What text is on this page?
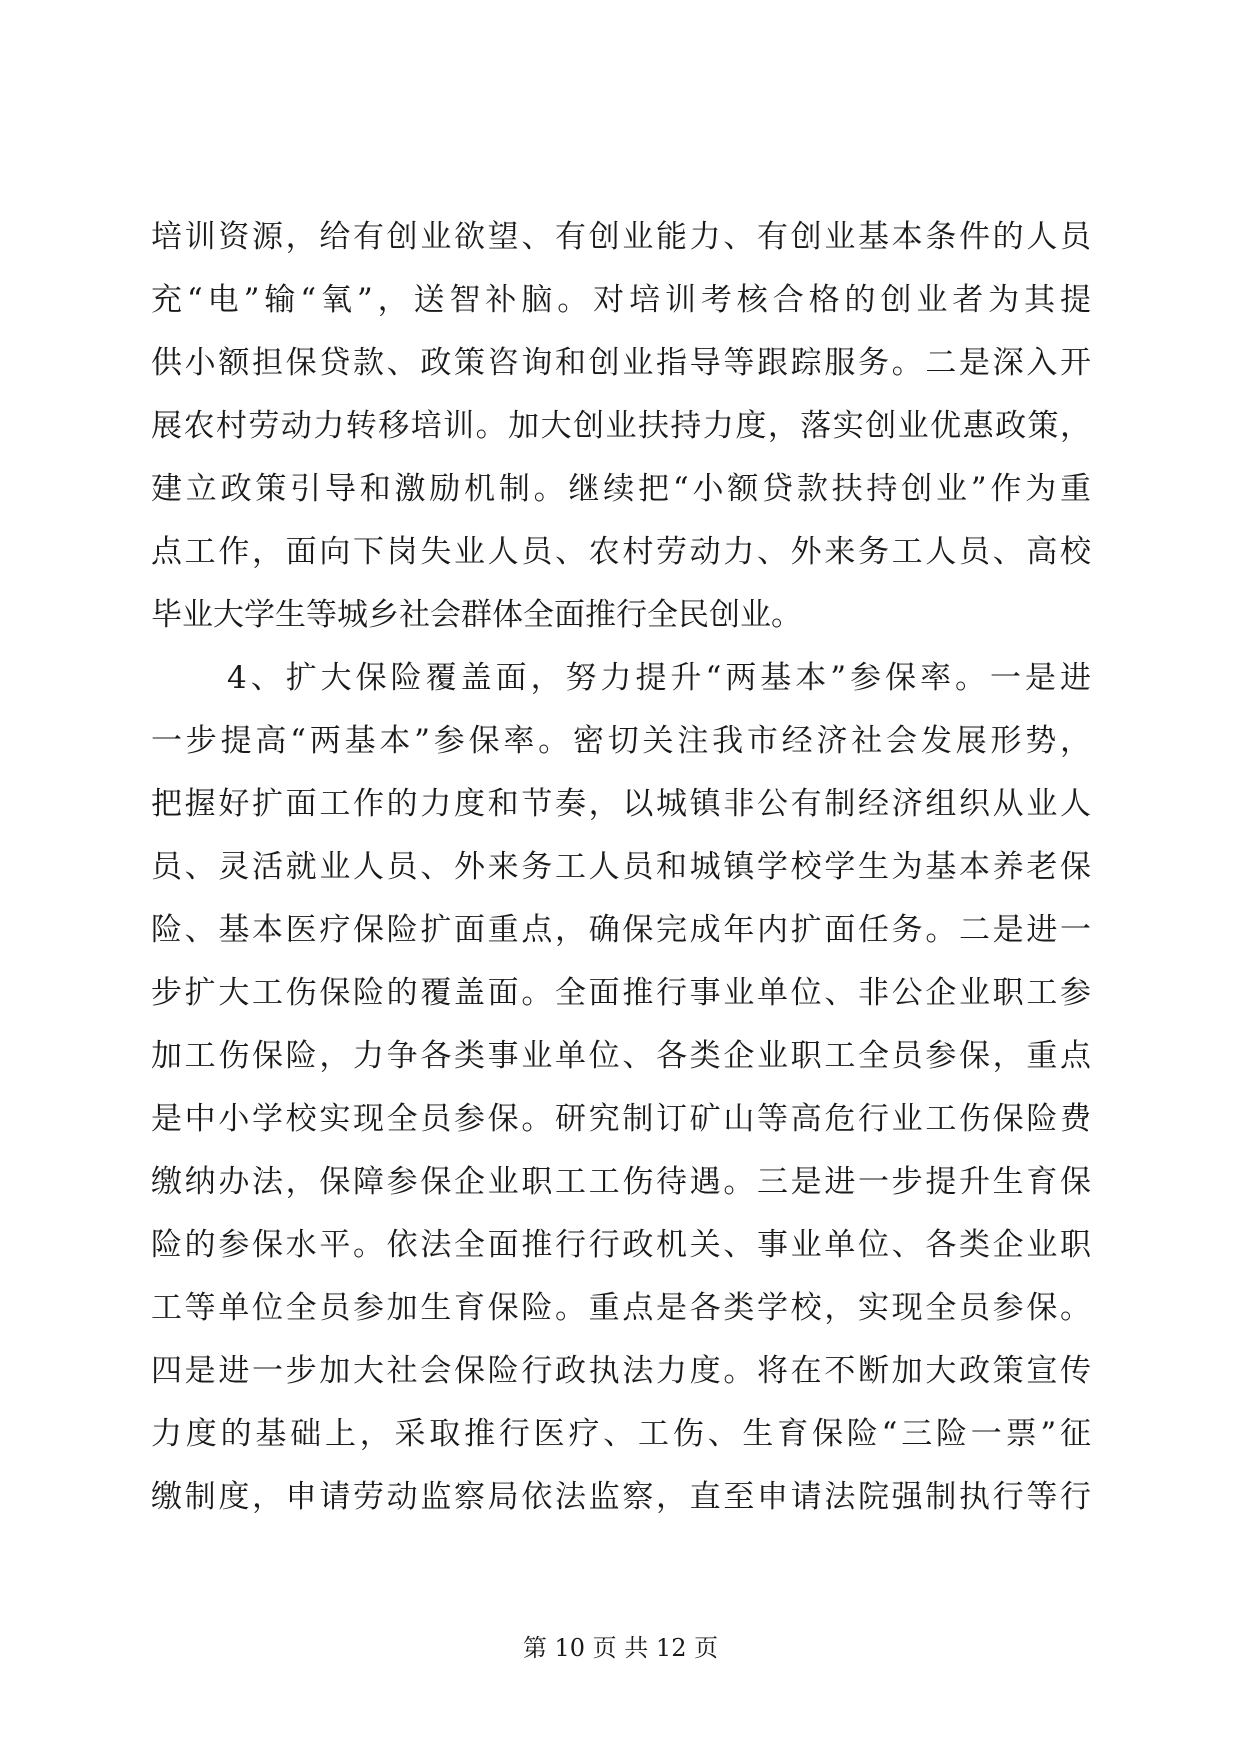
培训资源，给有创业欲望、有创业能力、有创业基本条件的人员
充“电”输“氧”，送智补脑。对培训考核合格的创业者为其提
供小额担保贷款、政策咨询和创业指导等跟踪服务。二是深入开
展农村劳动力转移培训。加大创业扶持力度，落实创业优惠政策，
建立政策引导和激励机制。继续把“小额贷款扶持创业”作为重
点工作，面向下岗失业人员、农村劳动力、外来务工人员、高校
毕业大学生等城乡社会群体全面推行全民创业。
4、扩大保险覆盖面，努力提升“两基本”参保率。一是进
一步提高“两基本”参保率。密切关注我市经济社会发展形势，
把握好扩面工作的力度和节奏，以城镇非公有制经济组织从业人
员、灵活就业人员、外来务工人员和城镇学校学生为基本养老保
险、基本医疗保险扩面重点，确保完成年内扩面任务。二是进一
步扩大工伤保险的覆盖面。全面推行事业单位、非公企业职工参
加工伤保险，力争各类事业单位、各类企业职工全员参保，重点
是中小学校实现全员参保。研究制订矿山等高危行业工伤保险费
缴纳办法，保障参保企业职工工伤待遇。三是进一步提升生育保
险的参保水平。依法全面推行行政机关、事业单位、各类企业职
工等单位全员参加生育保险。重点是各类学校，实现全员参保。
四是进一步加大社会保险行政执法力度。将在不断加大政策宣传
力度的基础上，采取推行医疗、工伤、生育保险“三险一票”征
缴制度，申请劳动监察局依法监察，直至申请法院强制执行等行
第 10 页 共 12 页
